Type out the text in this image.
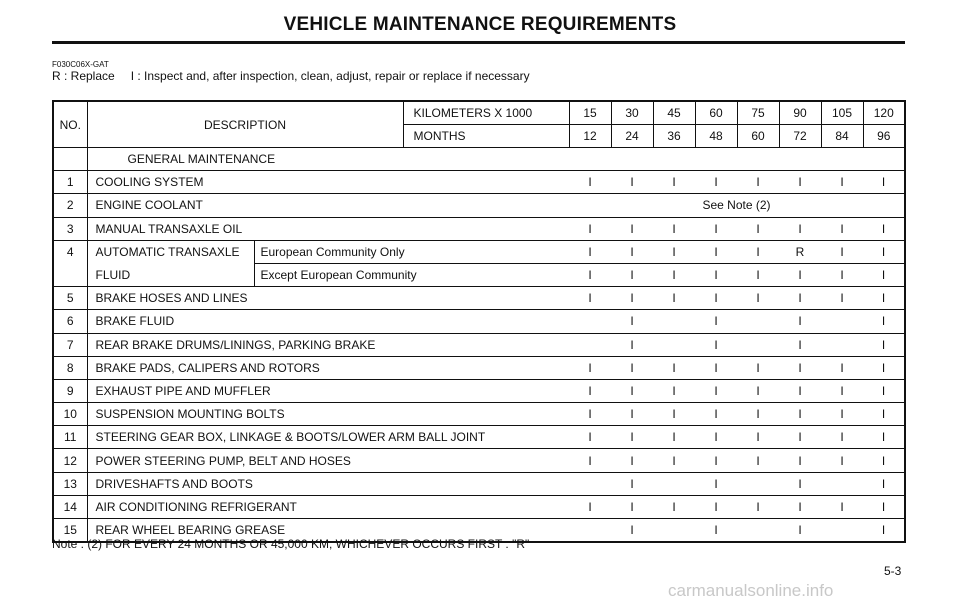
VEHICLE MAINTENANCE REQUIREMENTS
F030C06X-GAT
R : Replace I : Inspect and, after inspection, clean, adjust, repair or replace if necessary
NO.	DESCRIPTION		KILOMETERS X 1000	15	30	45	60	75	90	105	120
			MONTHS	12	24	36	48	60	72	84	96
	GENERAL MAINTENANCE										
1	COOLING SYSTEM			I	I	I	I	I	I	I	I
2	ENGINE COOLANT			See Note (2)							
3	MANUAL TRANSAXLE OIL			I	I	I	I	I	I	I	I
4	AUTOMATIC TRANSAXLE	European Community Only		I	I	I	I	I	R	I	I
	FLUID	Except European Community		I	I	I	I	I	I	I	I
5	BRAKE HOSES AND LINES			I	I	I	I	I	I	I	I
6	BRAKE FLUID				I		I		I		I
7	REAR BRAKE DRUMS/LININGS, PARKING BRAKE				I		I		I		I
8	BRAKE PADS, CALIPERS AND ROTORS			I	I	I	I	I	I	I	I
9	EXHAUST PIPE AND MUFFLER			I	I	I	I	I	I	I	I
10	SUSPENSION MOUNTING BOLTS			I	I	I	I	I	I	I	I
11	STEERING GEAR BOX, LINKAGE & BOOTS/LOWER ARM BALL JOINT			I	I	I	I	I	I	I	I
12	POWER STEERING PUMP, BELT AND HOSES			I	I	I	I	I	I	I	I
13	DRIVESHAFTS AND BOOTS				I		I		I		I
14	AIR CONDITIONING REFRIGERANT			I	I	I	I	I	I	I	I
15	REAR WHEEL BEARING GREASE				I		I		I		I
Note : (2) FOR EVERY 24 MONTHS OR 45,000 KM, WHICHEVER OCCURS FIRST : "R"
5-3
carmanualsonline.info
